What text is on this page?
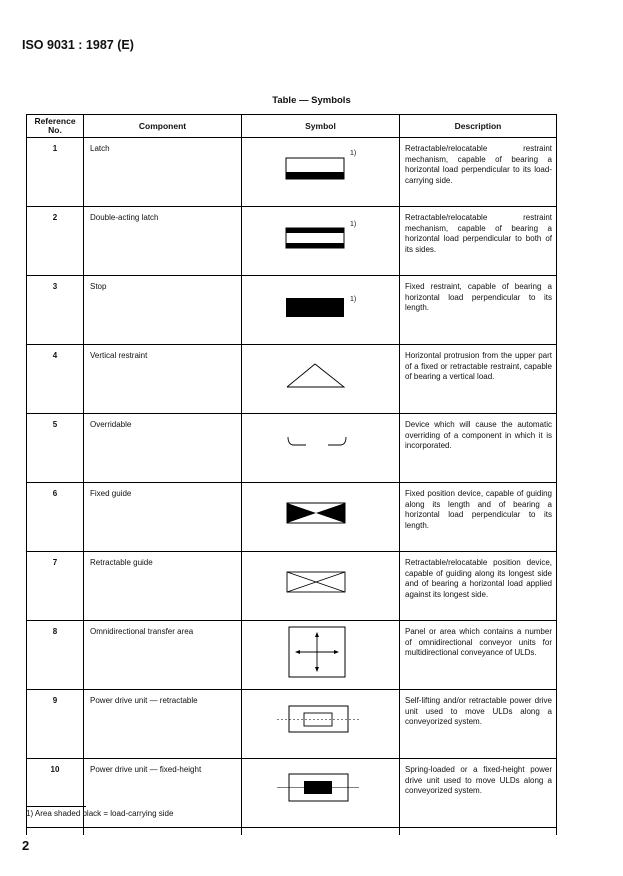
ISO 9031 : 1987 (E)
Table — Symbols
Reference No.	Component	Symbol	Description
1	Latch	1)	Retractable/relocatable restraint mechanism, capable of bearing a horizontal load perpendicular to its load-carrying side.
2	Double-acting latch	1)	Retractable/relocatable restraint mechanism, capable of bearing a horizontal load perpendicular to both of its sides.
3	Stop	1)	Fixed restraint, capable of bearing a horizontal load perpendicular to its length.
4	Vertical restraint		Horizontal protrusion from the upper part of a fixed or retractable restraint, capable of bearing a vertical load.
5	Overridable		Device which will cause the automatic overriding of a component in which it is incorporated.
6	Fixed guide		Fixed position device, capable of guiding along its length and of bearing a horizontal load perpendicular to its length.
7	Retractable guide		Retractable/relocatable position device, capable of guiding along its longest side and of bearing a horizontal load applied against its longest side.
8	Omnidirectional transfer area		Panel or area which contains a number of omnidirectional conveyor units for multidirectional conveyance of ULDs.
9	Power drive unit — retractable		Self-lifting and/or retractable power drive unit used to move ULDs along a conveyorized system.
10	Power drive unit — fixed-height		Spring-loaded or a fixed-height power drive unit used to move ULDs along a conveyorized system.

1) Area shaded black = load-carrying side
2
